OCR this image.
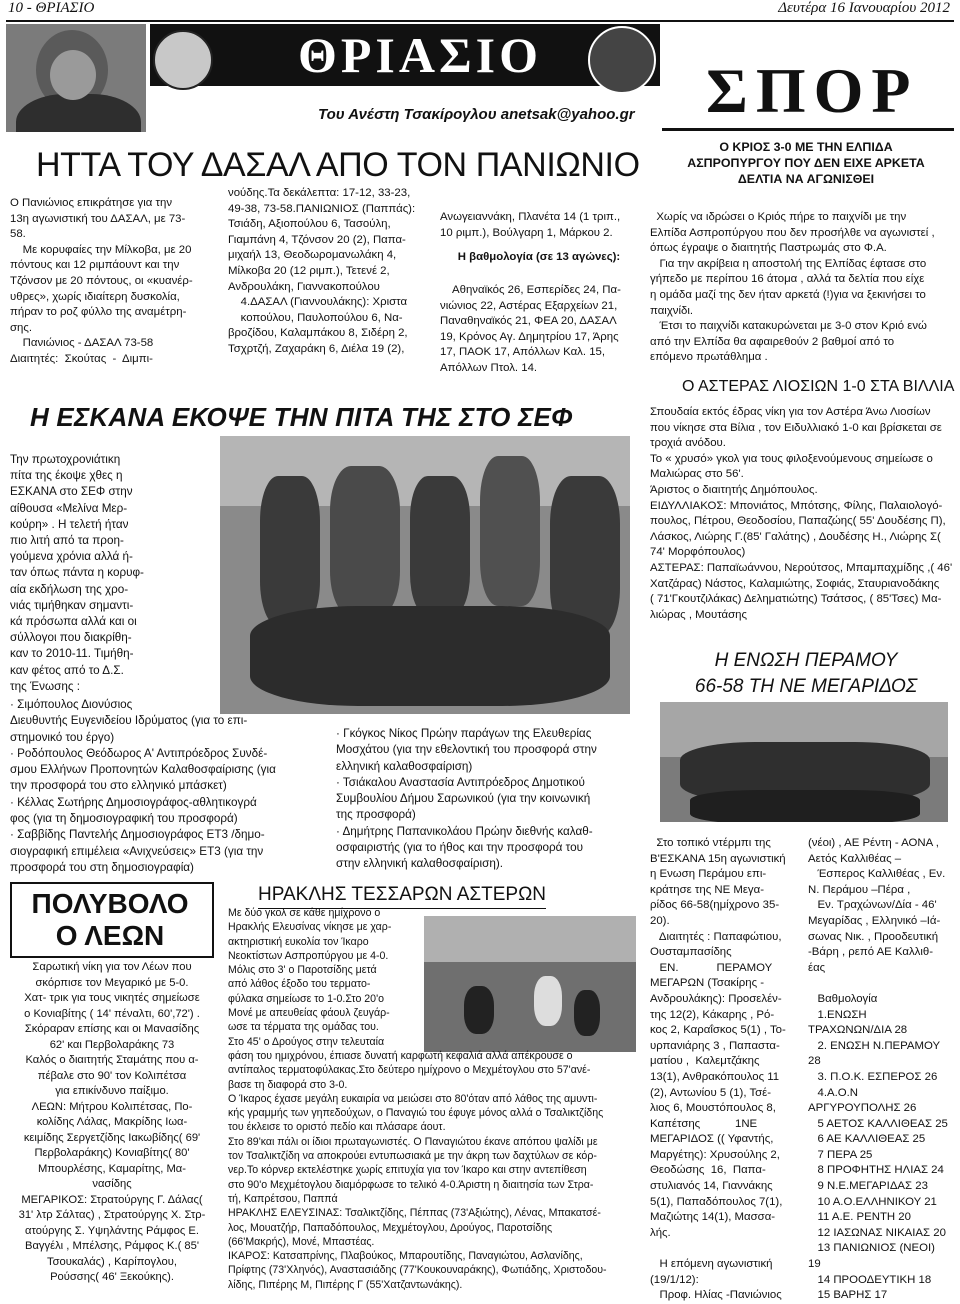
10 - ΘΡΙΑΣΙΟ	Δευτέρα 16 Ιανουαρίου 2012
ΘΡΙΑΣΙΟ
Του Ανέστη Τσακίρογλου anetsak@yahoo.gr ΣΠΟΡ
ΗΤΤΑ ΤΟΥ ΔΑΣΑΛ ΑΠΟ ΤΟΝ ΠΑΝΙΩΝΙΟ	Ο ΚΡΙΟΣ 3-0 ΜΕ ΤΗΝ ΕΛΠΙΔΑ
ΑΣΠΡΟΠΥΡΓΟΥ ΠΟΥ ΔΕΝ ΕΙΧΕ ΑΡΚΕΤΑ
ΔΕΛΤΙΑ ΝΑ ΑΓΩΝΙΣΘΕΙ
Ο Πανιώνιος επικράτησε για την
13η αγωνιστική του ΔΑΣΑΛ, με 73-
58.
Με κορυφαίες την Μίλκοβα, με 20
πόντους και 12 ριμπάουντ και την
Τζόνσον με 20 πόντους, οι «κυανέρ-
υθρες», χωρίς ιδιαίτερη δυσκολία,
πήραν το ροζ φύλλο της αναμέτρη-
σης.
Πανιώνιος - ΔΑΣΑΛ 73-58
Διαιτητές:  Σκούτας  -  Διμπι-
νούδης.Τα δεκάλεπτα: 17-12, 33-23,
49-38, 73-58.ΠΑΝΙΩΝΙΟΣ (Παππάς):
Τσιάδη, Αξιοπούλου 6, Τασούλη,
Γιαμπάνη 4, Τζόνσον 20 (2), Παπα-
μιχαήλ 13, Θεοδωρομανωλάκη 4,
Μίλκοβα 20 (12 ριμπ.), Τετενέ 2,
Ανδρουλάκη, Γιαννακοπούλου
4.ΔΑΣΑΛ (Γιαννουλάκης): Χριστα
κοπούλου, Παυλοπούλου 6, Να-
βροζίδου, Καλαμπάκου 8, Σιδέρη 2,
Τσχρτζή, Ζαχαράκη 6, Διέλα 19 (2),
Ανωγειαννάκη, Πλανέτα 14 (1 τριπ.,
10 ριμπ.), Βούλγαρη 1, Μάρκου 2.
Η βαθμολογία (σε 13 αγώνες):
Αθηναϊκός 26, Εσπερίδες 24, Πα-
νιώνιος 22, Αστέρας Εξαρχείων 21,
Παναθηναϊκός 21, ΦΕΑ 20, ΔΑΣΑΛ
19, Κρόνος Αγ. Δημητρίου 17, Άρης
17, ΠΑΟΚ 17, Απόλλων Καλ. 15,
Απόλλων Πτολ. 14.
Χωρίς να ιδρώσει ο Κριός πήρε το παιχνίδι με την
Ελπίδα Ασπροπύργου που δεν προσήλθε να αγωνιστεί ,
όπως έγραψε ο διαιτητής Παστρωμάς στο Φ.Α.
Για την ακρίβεια η αποστολή της Ελπίδας έφτασε στο
γήπεδο με περίπου 16 άτομα , αλλά τα δελτία που είχε
η ομάδα μαζί της δεν ήταν αρκετά (!)για να ξεκινήσει το
παιχνίδι.
Έτσι το παιχνίδι κατακυρώνεται με 3-0 στον Κριό ενώ
από την Ελπίδα θα αφαιρεθούν 2 βαθμοί από το
επόμενο πρωτάθλημα .
Η ΕΣΚΑΝΑ ΕΚΟΨΕ ΤΗΝ ΠΙΤΑ ΤΗΣ ΣΤΟ ΣΕΦ
Την πρωτοχρονιάτικη
πίτα της έκοψε χθες η
ΕΣΚΑΝΑ στο ΣΕΦ στην
αίθουσα «Μελίνα Μερ-
κούρη» . Η τελετή ήταν
πιο λιτή από τα προη-
γούμενα χρόνια αλλά ή-
ταν όπως πάντα η κορυφ-
αία εκδήλωση της χρο-
νιάς τιμήθηκαν σημαντι-
κά πρόσωπα αλλά και οι
σύλλογοι που διακρίθη-
καν το 2010-11. Τιμήθη-
καν φέτος από το Δ.Σ.
της Ένωσης :
· Σιμόπουλος Διονύσιος
Διευθυντής Ευγενιδείου Ιδρύματος (για το επι-
στημονικό του έργο)
· Ροδόπουλος Θεόδωρος Α' Αντιπρόεδρος Συνδέ-
σμου Ελλήνων Προπονητών Καλαθοσφαίρισης (για
την προσφορά του στο ελληνικό μπάσκετ)
· Κέλλας Σωτήρης Δημοσιογράφος-αθλητικογρά
φος (για τη δημοσιογραφική του προσφορά)
· Σαββίδης Παντελής Δημοσιογράφος ΕΤ3 /δημο-
σιογραφική επιμέλεια «Ανιχνεύσεις» ΕΤ3 (για την
προσφορά του στη δημοσιογραφία)
· Γκόγκος Νίκος Πρώην παράγων της Ελευθερίας
Μοσχάτου (για την εθελοντική του προσφορά στην
ελληνική καλαθοσφαίριση)
· Τσιάκαλου Αναστασία Αντιπρόεδρος Δημοτικού
Συμβουλίου Δήμου Σαρωνικού (για την κοινωνική
της προσφορά)
· Δημήτρης Παπανικολάου Πρώην διεθνής καλαθ-
οσφαιριστής (για το ήθος και την προσφορά του
στην ελληνική καλαθοσφαίριση).
Ο ΑΣΤΕΡΑΣ ΛΙΟΣΙΩΝ 1-0 ΣΤΑ ΒΙΛΛΙΑ
Σπουδαία εκτός έδρας νίκη για τον Αστέρα Άνω Λιοσίων
που νίκησε στα Βίλια , τον Ειδυλλιακό 1-0 και βρίσκεται σε
τροχιά ανόδου.
Το « χρυσό» γκολ για τους φιλοξενούμενους σημείωσε ο
Μαλιώρας στο 56'.
Άριστος ο διαιτητής Δημόπουλος.
ΕΙΔΥΛΛΙΑΚΟΣ: Μπονιάτος, Μπότσης, Φίλης, Παλαιολογό-
πουλος, Πέτρου, Θεοδοσίου, Παπαζώης( 55' Δουδέσης Π),
Λάσκος, Λιώρης Γ.(85' Γαλάτης) , Δουδέσης Η., Λιώρης Σ(
74' Μορφόπουλος)
ΑΣΤΕΡΑΣ: Παπαϊωάννου, Νερούτσος, Μπαμπαχμίδης ,( 46'
Χατζάρας) Νάστος, Καλαμιώτης, Σοφιάς, Σταυριανοδάκης
( 71'Γκουτζιλάκας) Δεληματιώτης) Τσάτσος, ( 85'Τσες) Μα-
λιώρας , Μουτάσης
Η ΕΝΩΣΗ ΠΕΡΑΜΟΥ
66-58 ΤΗ ΝΕ ΜΕΓΑΡΙΔΟΣ
Στο τοπικό ντέρμπι της
Β'ΕΣΚΑΝΑ 15η αγωνιστική
η Ενωση Περάμου επι-
κράτησε της ΝΕ Μεγα-
ρίδος 66-58(ημίχρονο 35-
20).
Διαιτητές : Παπαφώτιου,
Ουσταμπασίδης
ΕΝ.            ΠΕΡΑΜΟΥ
ΜΕΓΑΡΩΝ (Τσακίρης -
Ανδρουλάκης): Προσελέν-
της 12(2), Κάκαρης , Ρό-
κος 2, Καραΐσκος 5(1) , Το-
υρπανιάρης 3 , Παπαστα-
ματίου ,  Καλεμτζάκης
13(1), Ανθρακόπουλος 11
(2), Αντωνίου 5 (1), Τσέ-
λιος 6, Μουστόπουλος 8,
Καπέτσης           1ΝΕ
ΜΕΓΑΡΙΔΟΣ (( Υφαντής,
Μαργέτης): Χρυσούλης 2,
Θεοδώσης  16,  Παπα-
στυλιανός 14, Γιαννάκης
5(1), Παπαδόπουλος 7(1),
Μαζιώτης 14(1), Μασσα-
λής.

Η επόμενη αγωνιστική
(19/1/12):
Προφ. Ηλίας -Πανιώνιος
(νέοι) , ΑΕ Ρέντη - ΑΟΝΑ ,
Αετός Καλλιθέας –
Έσπερος Καλλιθέας , Εν.
Ν. Περάμου –Πέρα ,
Εν. Τραχώνων/Δία - 46'
Μεγαρίδας , Ελληνικό –Ιά-
σωνας Νικ. , Προοδευτική
-Βάρη , ρεπό ΑΕ Καλλιθ-
έας

Βαθμολογία
1.ΕΝΩΣΗ
ΤΡΑΧΩΝΩΝ/ΔΙΑ 28
2. ΕΝΩΣΗ Ν.ΠΕΡΑΜΟΥ
28
3. Π.Ο.Κ. ΕΣΠΕΡΟΣ 26
4.Α.Ο.Ν
ΑΡΓΥΡΟΥΠΟΛΗΣ 26
5 ΑΕΤΟΣ ΚΑΛΛΙΘΕΑΣ 25
6 ΑΕ ΚΑΛΛΙΘΕΑΣ 25
7 ΠΕΡΑ 25
8 ΠΡΟΦΗΤΗΣ ΗΛΙΑΣ 24
9 Ν.Ε.ΜΕΓΑΡΙΔΑΣ 23
10 Α.Ο.ΕΛΛΗΝΙΚΟΥ 21
11 Α.Ε. ΡΕΝΤΗ 20
12 ΙΑΣΩΝΑΣ ΝΙΚΑΙΑΣ 20
13 ΠΑΝΙΩΝΙΟΣ (ΝΕΟΙ)
19
14 ΠΡΟΟΔΕΥΤΙΚΗ 18
15 ΒΑΡΗΣ 17
ΠΟΛΥΒΟΛΟ
Ο ΛΕΩΝ
Σαρωτική νίκη για τον Λέων που
σκόρπισε τον Μεγαρικό με 5-0.
Χατ- τρικ για τους νικητές σημείωσε
ο Κονιαβίτης ( 14' πέναλτι, 60',72') .
Σκόραραν επίσης και οι Μανασίδης
62' και Περβολαράκης 73
Καλός ο διαιτητής Σταμάτης που α-
πέβαλε στο 90' τον Κολιπέτσα
για επικίνδυνο παίξιμο.
ΛΕΩΝ: Μήτρου Κολιπέτσας, Πο-
κολίδης Λάλας, Μακρίδης Ιωα-
κειμίδης Σεργετζίδης Ιακωβίδης( 69'
Περβολαράκης) Κονιαβίτης( 80'
Μπουρλέσης, Καμαρίτης, Μα-
νασίδης
ΜΕΓΑΡΙΚΟΣ: Στρατούργης Γ. Δάλας(
31' λτρ Σάλτας) , Στρατούργης Χ. Στρ-
ατούργης Σ. Υψηλάντης Ράμφος Ε.
Βαγγέλι , Μπέλσης, Ράμφος Κ.( 85'
Τσουκαλάς) , Καρίπογλου,
Ρούσσης( 46' Ξεκούκης).
ΗΡΑΚΛΗΣ ΤΕΣΣΑΡΩΝ ΑΣΤΕΡΩΝ
Με δύο γκολ σε κάθε ημίχρονο ο
Ηρακλής Ελευσίνας νίκησε με χαρ-
ακτηριστική ευκολία τον Ίκαρο
Νεοκτίστων Ασπροπύργου με 4-0.
Μόλις στο 3' ο Παροτσίδης μετά
από λάθος έξοδο του τερματο-
φύλακα σημείωσε το 1-0.Στο 20'ο
Μονέ με απευθείας φάουλ ζευγάρ-
ωσε τα τέρματα της ομάδας του.
Στο 45' ο Δρούγος στην τελευταία
φάση του ημιχρόνου, έπιασε δυνατή καρφωτή κεφαλιά αλλά απέκρουσε ο
αντίπαλος τερματοφύλακας.Στο δεύτερο ημίχρονο ο Μεχμέτογλου στο 57'ανέ-
βασε τη διαφορά στο 3-0.
Ο Ίκαρος έχασε μεγάλη ευκαιρία να μειώσει στο 80'όταν από λάθος της αμυντι-
κής γραμμής των γηπεδούχων, ο Παναγιώ του έφυγε μόνος αλλά ο Τσαλικτζίδης
του έκλεισε το οριστό πεδίο και πλάσαρε άουτ.
Στο 89'και πάλι οι ίδιοι πρωταγωνιστές. Ο Παναγιώτου έκανε απόπου ψαλίδι με
τον Τσαλικτζίδη να αποκρούει εντυπωσιακά με την άκρη των δαχτύλων σε κόρ-
νερ.Το κόρνερ εκτελέστηκε χωρίς επιτυχία για τον Ίκαρο και στην αντεπίθεση
στο 90'ο Μεχμέτογλου διαμόρφωσε το τελικό 4-0.Άριστη η διαιτησία των Στρα-
τή, Καπρέτσου, Παππά
ΗΡΑΚΛΗΣ ΕΛΕΥΣΙΝΑΣ: Τσαλικτζίδης, Πέππας (73'Αξιώτης), Λένας, Μπακατσέ-
λος, Μουατζήρ, Παπαδόπουλος, Μεχμέτογλου, Δρούγος, Παροτσίδης
(66'Μακρής), Μονέ, Μπαστέας.
ΙΚΑΡΟΣ: Κατσαπρίνης, Πλαβούκος, Μπαρουτίδης, Παναγιώτου, Ασλανίδης,
Πρίφτης (73'Χληνός), Αναστασιάδης (77'Κουκουναράκης), Φωτιάδης, Χριστοδου-
λίδης, Πιπέρης Μ, Πιπέρης Γ (55'Χατζαντωνάκης).
